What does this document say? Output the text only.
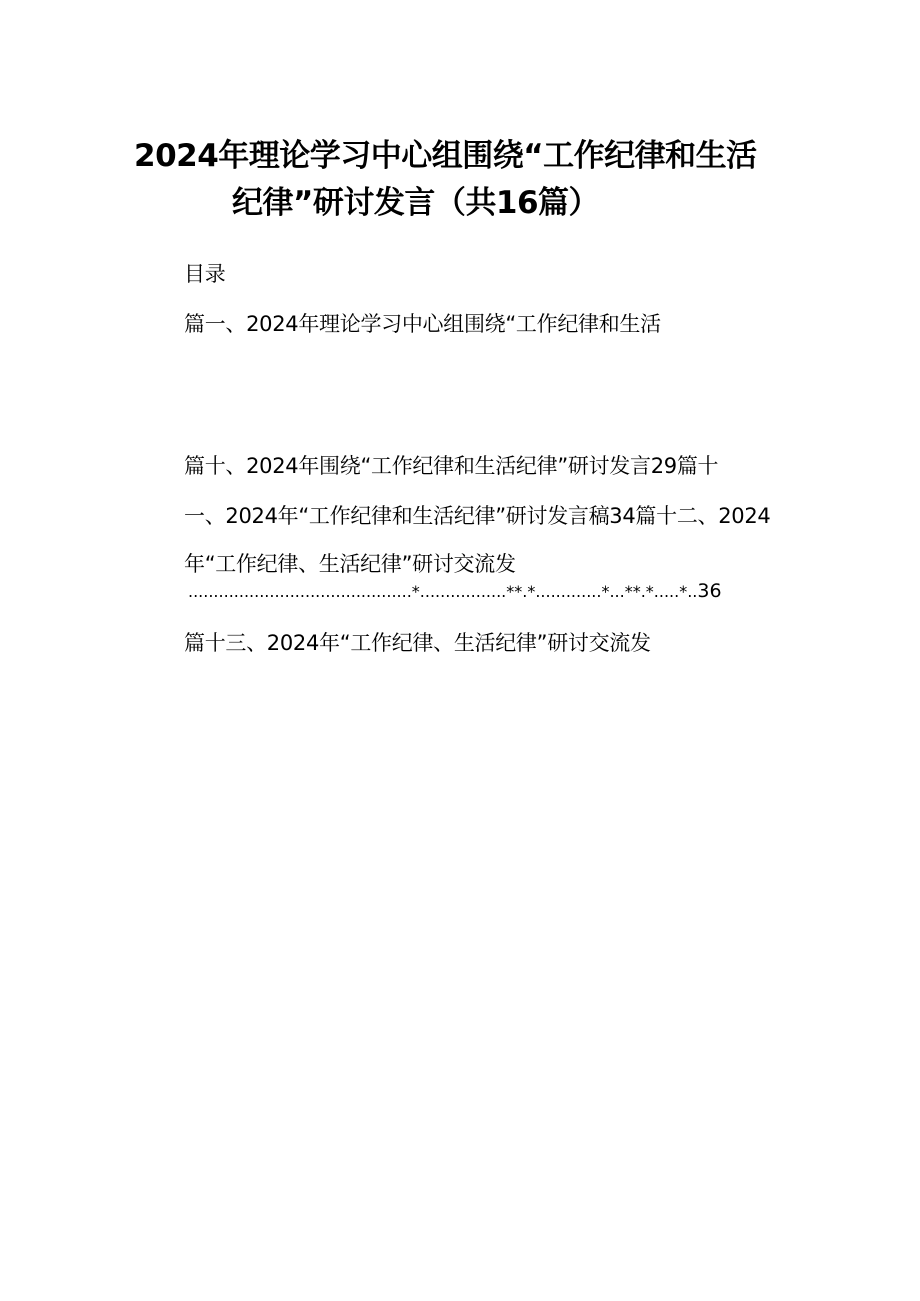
2024年理论学习中心组围绕“工作纪律和生活
纪律”研讨发言（共16篇）
目录
篇一、2024年理论学习中心组围绕“工作纪律和生活
篇十、2024年围绕“工作纪律和生活纪律”研讨发言29篇十
一、2024年“工作纪律和生活纪律”研讨发言稿34篇十二、2024
年“工作纪律、生活纪律”研讨交流发
............................................*.................**.*.............*...**.*.....*..36
篇十三、2024年“工作纪律、生活纪律”研讨交流发
